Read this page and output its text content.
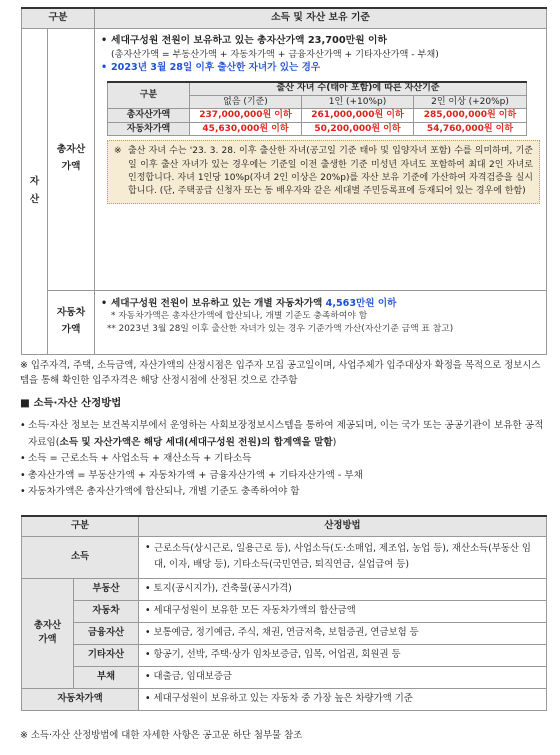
구분	소득 및 자산 보유 기준
자
산	총자산
가액	
• 세대구성원 전원이 보유하고 있는 총자산가액 23,700만원 이하
(총자산가액 = 부동산가액 + 자동차가액 + 금융자산가액 + 기타자산가액 - 부채)
• 2023년 3월 28일 이후 출산한 자녀가 있는 경우
구분	출산 자녀 수(태아 포함)에 따른 자산기준
없음 (기준)	1인 (+10%p)	2인 이상 (+20%p)
총자산가액	237,000,000원 이하	261,000,000원 이하	285,000,000원 이하
자동차가액	45,630,000원 이하	50,200,000원 이하	54,760,000원 이하
※ 출산 자녀 수는 '23. 3. 28. 이후 출산한 자녀(공고일 기준 태아 및 입양자녀 포함) 수를 의미하며, 기준일 이후 출산 자녀가 있는 경우에는 기준일 이전 출생한 기준 미성년 자녀도 포함하여 최대 2인 자녀로 인정합니다. 자녀 1인당 10%p(자녀 2인 이상은 20%p)를 자산 보유 기준에 가산하여 자격검증을 실시합니다. (단, 주택공급 신청자 또는 동 배우자와 같은 세대별 주민등록표에 등재되어 있는 경우에 한함)

자동차
가액	
• 세대구성원 전원이 보유하고 있는 개별 자동차가액 4,563만원 이하
* 자동차가액은 총자산가액에 합산되나, 개별 기준도 충족하여야 함
** 2023년 3월 28일 이후 출산한 자녀가 있는 경우 기준가액 가산(자산기준 금액 표 참고)
※ 입주자격, 주택, 소득금액, 자산가액의 산정시점은 입주자 모집 공고일이며, 사업주체가 입주대상자 확정을 목적으로 정보시스템을 통해 확인한 입주자격은 해당 산정시점에 산정된 것으로 간주함
■ 소득·자산 산정방법
• 소득·자산 정보는 보건복지부에서 운영하는 사회보장정보시스템을 통하여 제공되며, 이는 국가 또는 공공기관이 보유한 공적자료임(소득 및 자산가액은 해당 세대(세대구성원 전원)의 합계액을 말함)
• 소득 = 근로소득 + 사업소득 + 재산소득 + 기타소득
• 총자산가액 = 부동산가액 + 자동차가액 + 금융자산가액 + 기타자산가액 - 부채
• 자동차가액은 총자산가액에 합산되나, 개별 기준도 충족하여야 함
구분		산정방법
소득		• 근로소득(상시근로, 일용근로 등), 사업소득(도·소매업, 제조업, 농업 등), 재산소득(부동산 임대, 이자, 배당 등), 기타소득(국민연금, 퇴직연금, 실업급여 등)

총자산
가액	부동산	• 토지(공시지가), 건축물(공시가격)
	자동차	• 세대구성원이 보유한 모든 자동차가액의 합산금액
	금융자산	• 보통예금, 정기예금, 주식, 채권, 연금저축, 보험증권, 연금보험 등
	기타자산	• 항공기, 선박, 주택·상가 임차보증금, 입목, 어업권, 회원권 등
	부채	• 대출금, 임대보증금
자동차가액		• 세대구성원이 보유하고 있는 자동차 중 가장 높은 차량가액 기준
※ 소득·자산 산정방법에 대한 자세한 사항은 공고문 하단 첨부물 참조
